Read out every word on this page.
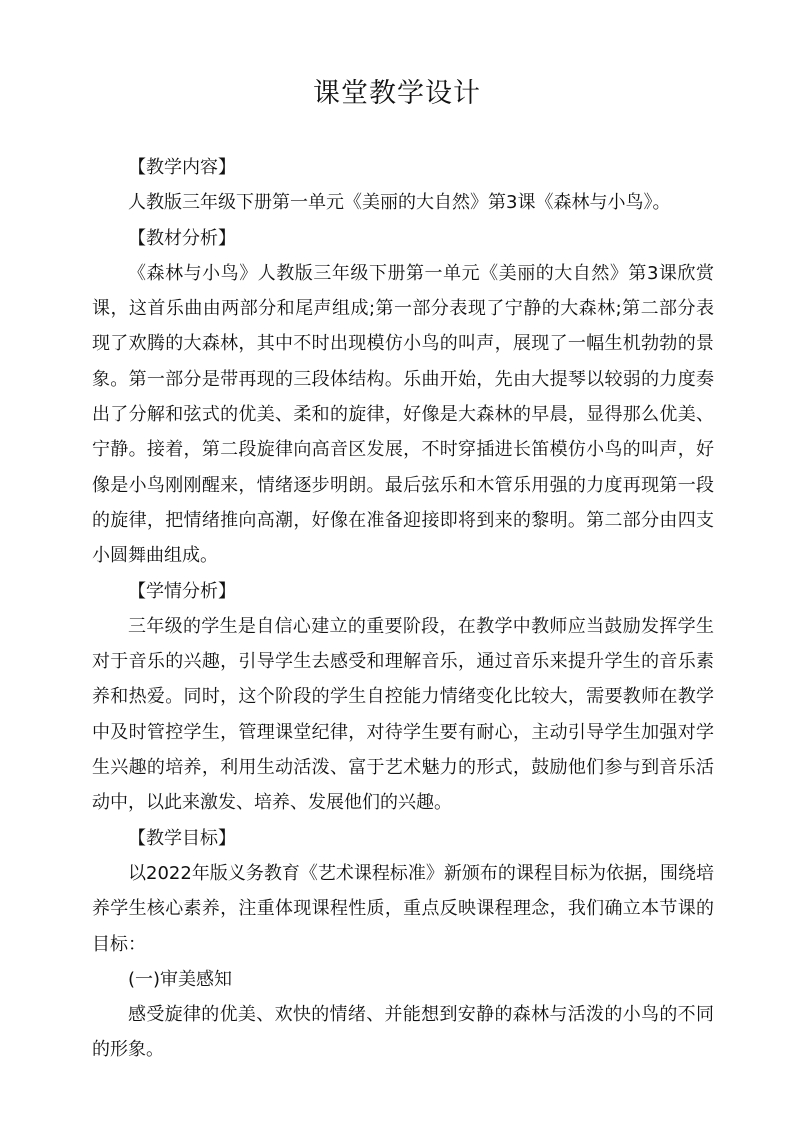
课堂教学设计

【教学内容】

人教版三年级下册第一单元《美丽的大自然》第3课《森林与小鸟》。

【教材分析】

《森林与小鸟》人教版三年级下册第一单元《美丽的大自然》第3课欣赏课，这首乐曲由两部分和尾声组成;第一部分表现了宁静的大森林;第二部分表现了欢腾的大森林，其中不时出现模仿小鸟的叫声，展现了一幅生机勃勃的景象。第一部分是带再现的三段体结构。乐曲开始，先由大提琴以较弱的力度奏出了分解和弦式的优美、柔和的旋律，好像是大森林的早晨，显得那么优美、宁静。接着，第二段旋律向高音区发展，不时穿插进长笛模仿小鸟的叫声，好像是小鸟刚刚醒来，情绪逐步明朗。最后弦乐和木管乐用强的力度再现第一段的旋律，把情绪推向高潮，好像在准备迎接即将到来的黎明。第二部分由四支小圆舞曲组成。

【学情分析】

三年级的学生是自信心建立的重要阶段，在教学中教师应当鼓励发挥学生对于音乐的兴趣，引导学生去感受和理解音乐，通过音乐来提升学生的音乐素养和热爱。同时，这个阶段的学生自控能力情绪变化比较大，需要教师在教学中及时管控学生，管理课堂纪律，对待学生要有耐心，主动引导学生加强对学生兴趣的培养，利用生动活泼、富于艺术魅力的形式，鼓励他们参与到音乐活动中，以此来激发、培养、发展他们的兴趣。

【教学目标】

以2022年版义务教育《艺术课程标准》新颁布的课程目标为依据，围绕培养学生核心素养，注重体现课程性质，重点反映课程理念，我们确立本节课的目标：

(一)审美感知

感受旋律的优美、欢快的情绪、并能想到安静的森林与活泼的小鸟的不同的形象。
